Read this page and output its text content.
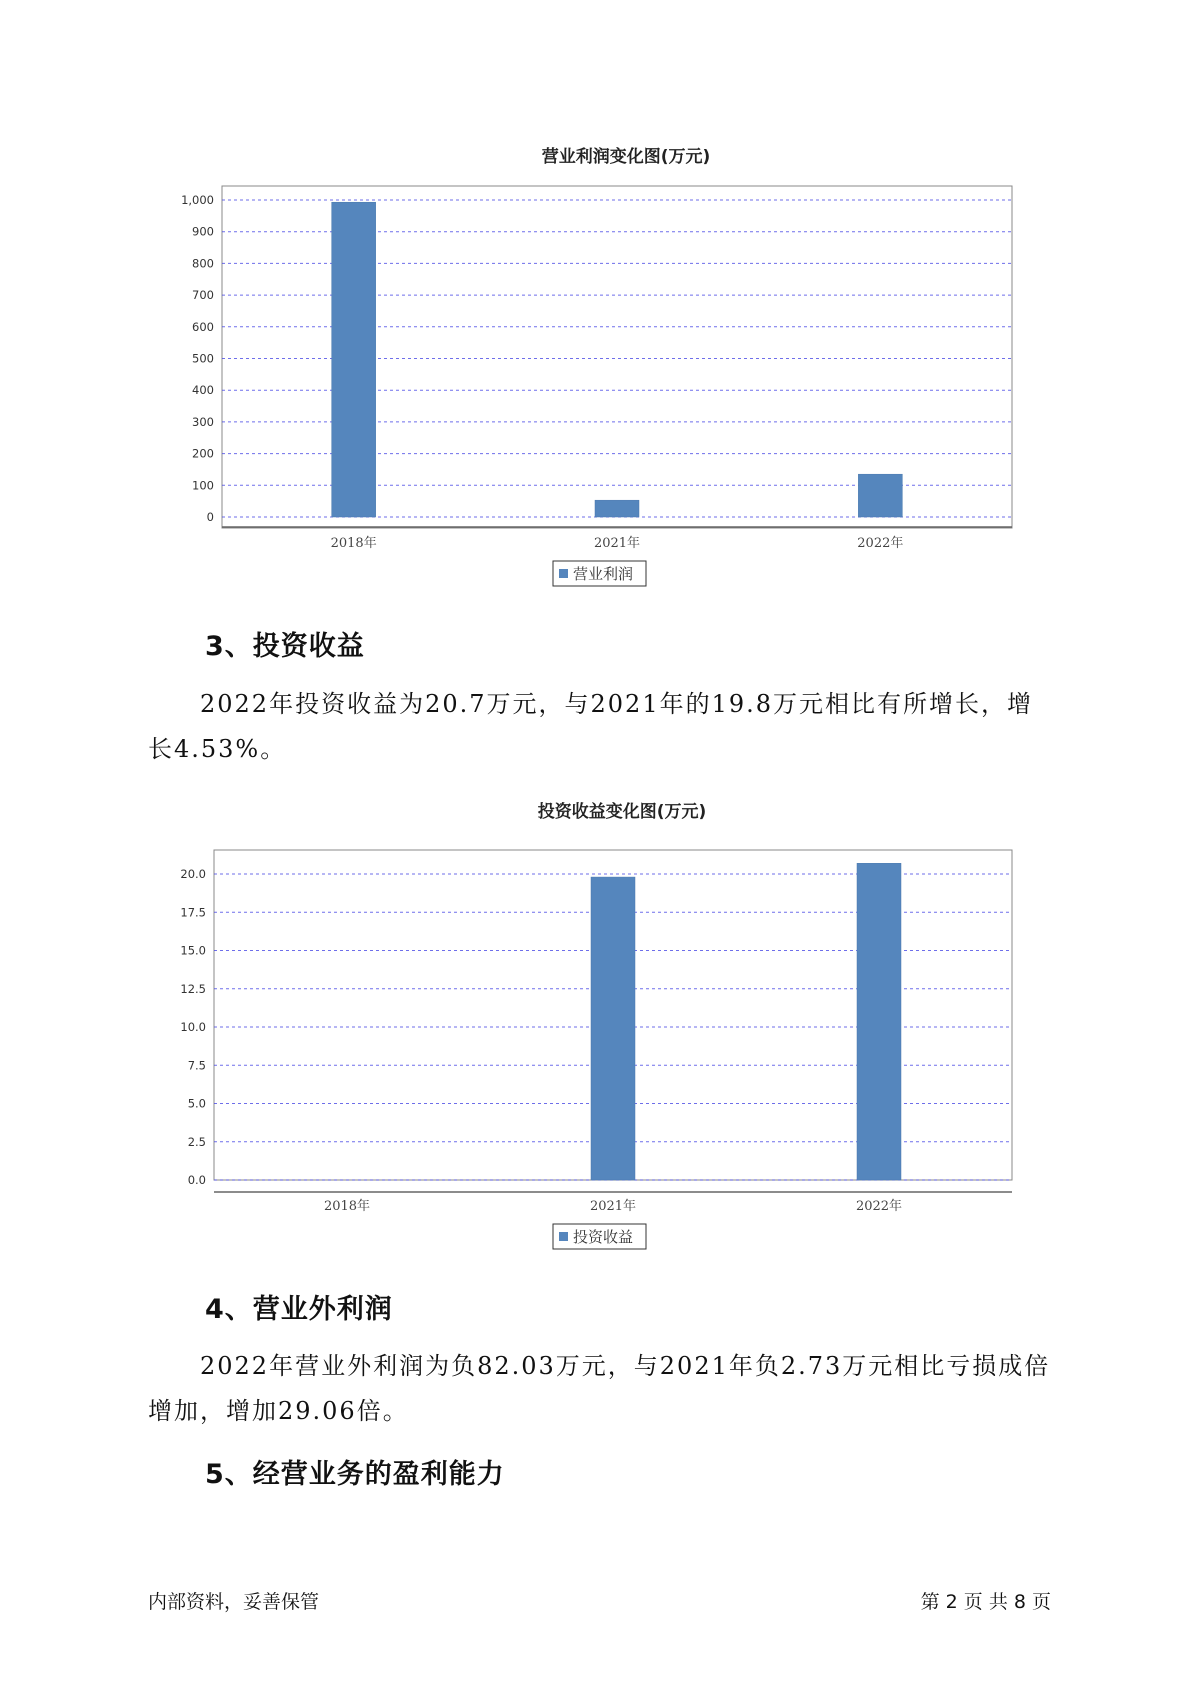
营业利润变化图(万元)
0
100
200
300
400
500
600
700
800
900
1,000
2018年	2021年	2022年
营业利润
3、投资收益

2022年投资收益为20.7万元，与2021年的19.8万元相比有所增长，增长4.53%。

投资收益变化图(万元)
0.0
2.5
5.0
7.5
10.0
12.5
15.0
17.5
20.0
2018年	2021年	2022年
投资收益
4、营业外利润

2022年营业外利润为负82.03万元，与2021年负2.73万元相比亏损成倍增加，增加29.06倍。

5、经营业务的盈利能力
内部资料，妥善保管	第 2 页 共 8 页
